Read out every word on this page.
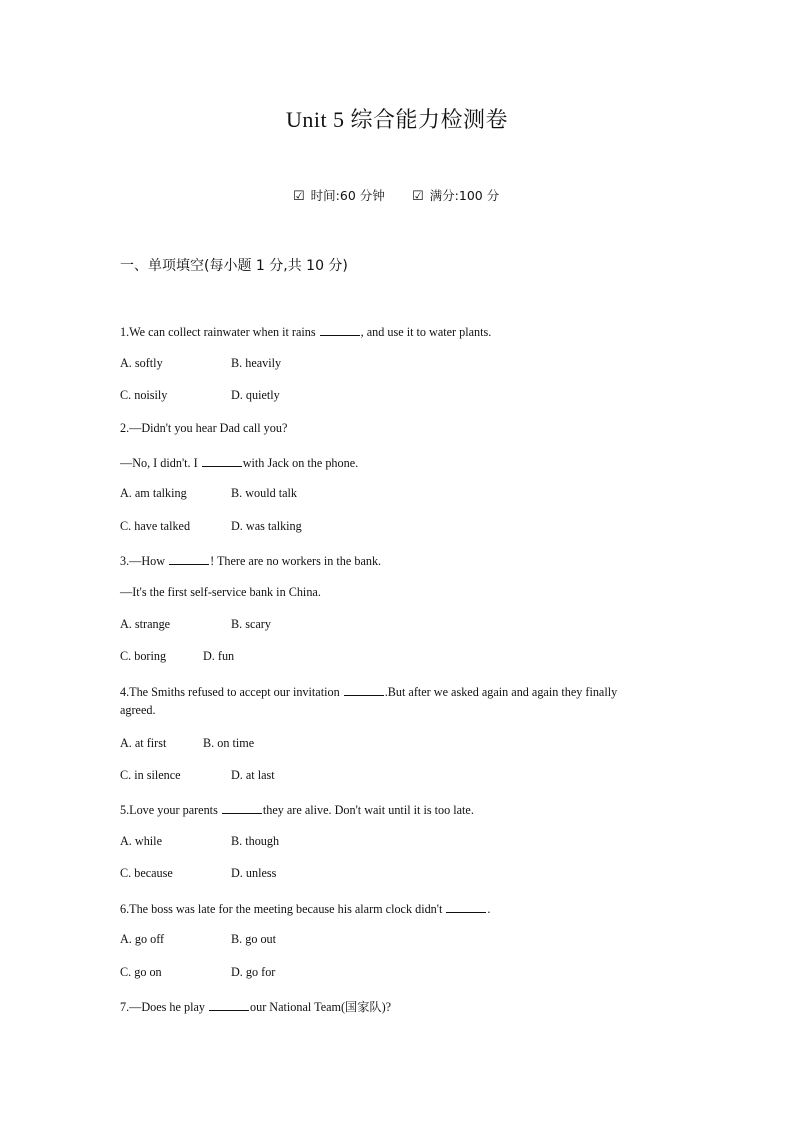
Unit 5 综合能力检测卷
☑ 时间:60 分钟 ☑ 满分:100 分
一、单项填空(每小题 1 分,共 10 分)
1.We can collect rainwater when it rains	, and use it to water plants.
A. softly	B. heavily
C. noisily	D. quietly
2.—Didn't you hear Dad call you?
—No, I didn't. I	with Jack on the phone.
A. am talking	B. would talk
C. have talked	D. was talking
3.—How	! There are no workers in the bank.
—It's the first self-service bank in China.
A. strange	B. scary
C. boring	D. fun
4.The Smiths refused to accept our invitation	.But after we asked again and again they finally
agreed.
A. at first	B. on time
C. in silence	D. at last
5.Love your parents	they are alive. Don't wait until it is too late.
A. while	B. though
C. because	D. unless
6.The boss was late for the meeting because his alarm clock didn't	.
A. go off	B. go out
C. go on	D. go for
7.—Does he play	our National Team(国家队)?
